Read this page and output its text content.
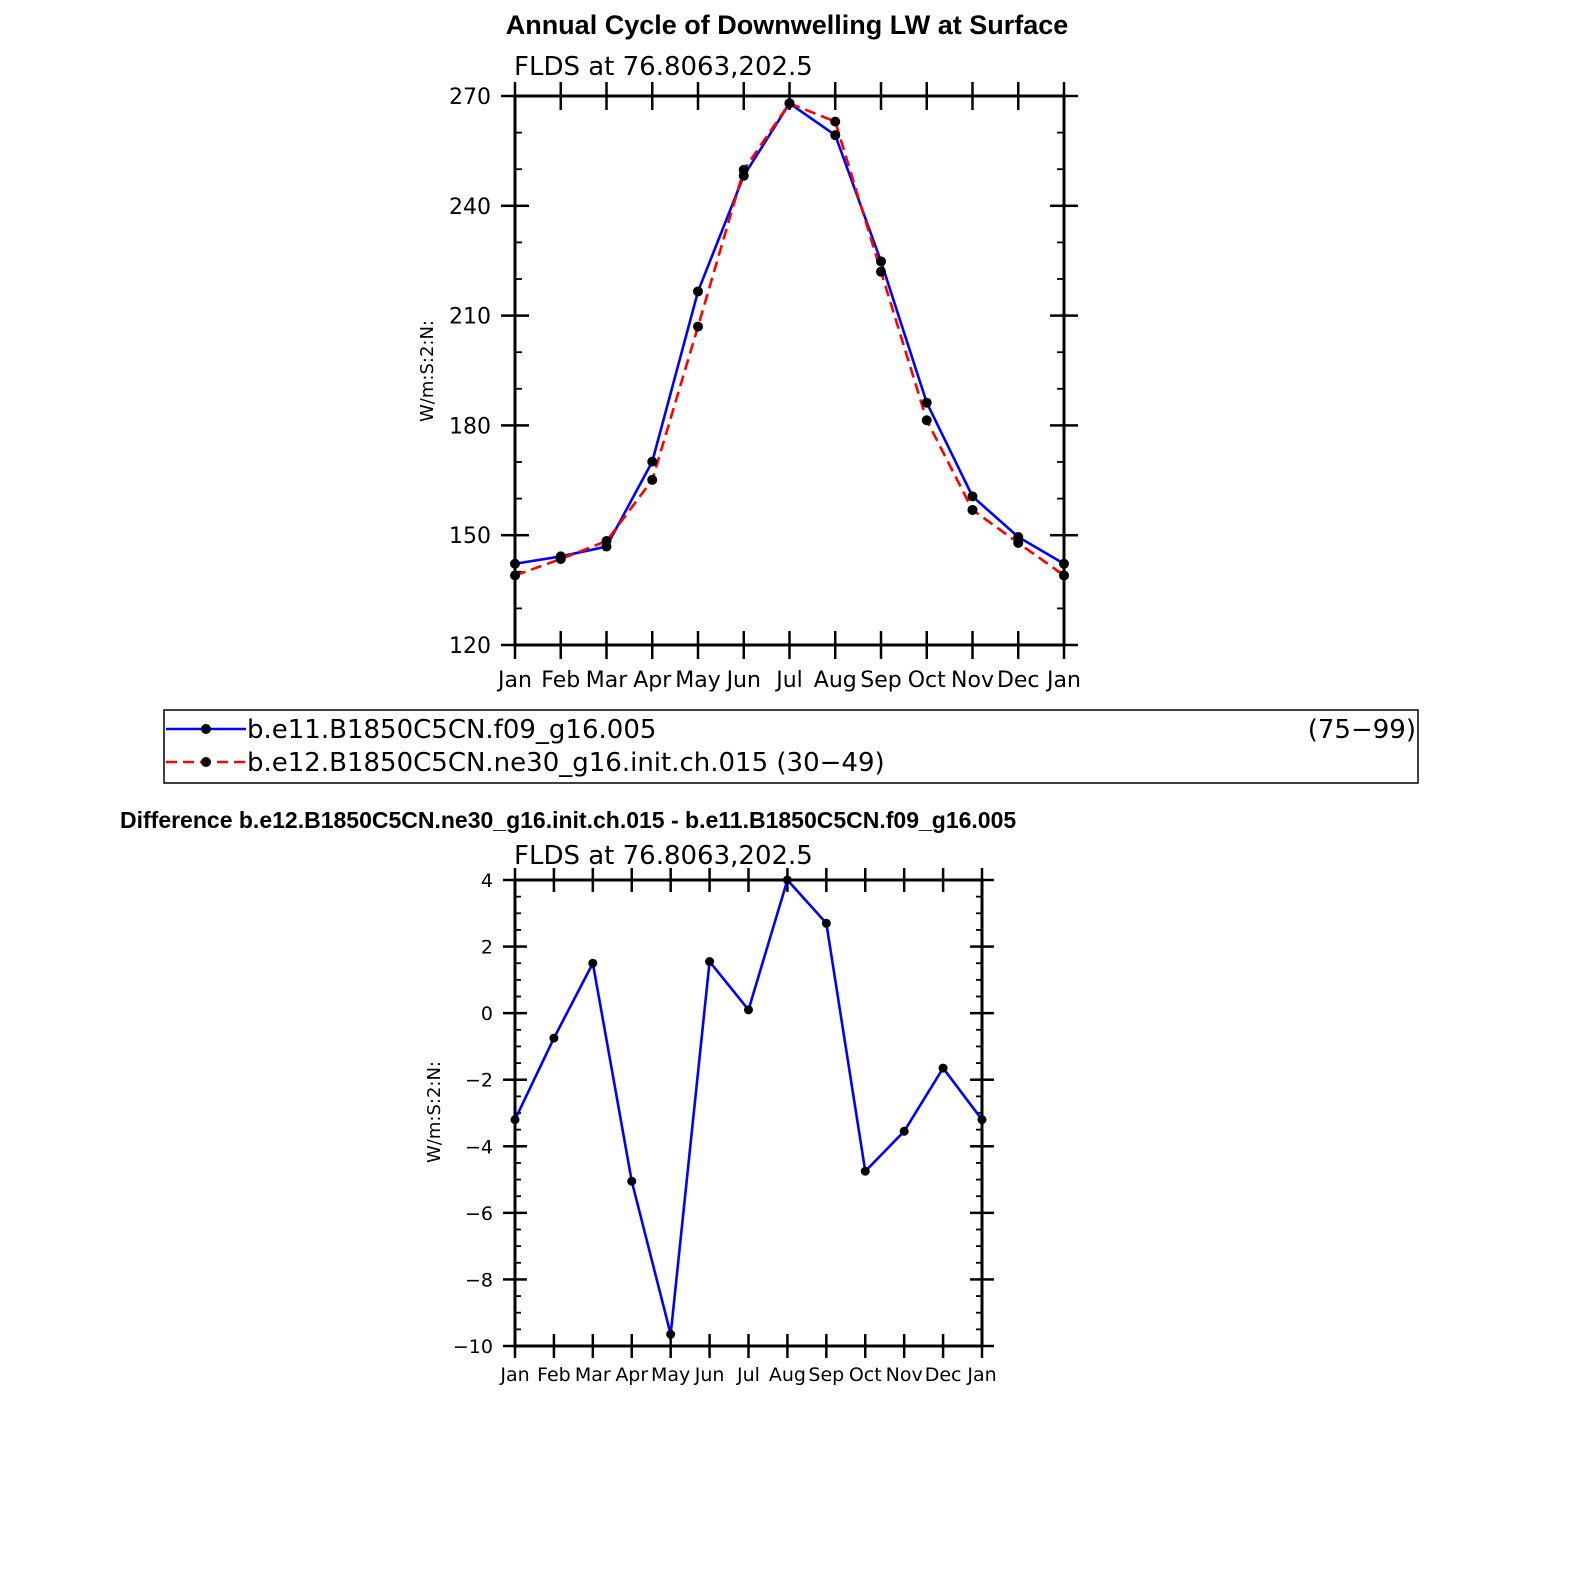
Annual Cycle of Downwelling LW at Surface
FLDS at 76.8063,202.5
W/m:S:2:N:
270
240
210
180
150
120
Jan Feb Mar Apr May Jun Jul Aug Sep Oct Nov Dec Jan
b.e11.B1850C5CN.f09_g16.005	(75−99)
b.e12.B1850C5CN.ne30_g16.init.ch.015 (30−49)
Difference b.e12.B1850C5CN.ne30_g16.init.ch.015 - b.e11.B1850C5CN.f09_g16.005
FLDS at 76.8063,202.5
W/m:S:2:N:
4
2
0
−2
−4
−6
−8
−10
Jan Feb Mar Apr May Jun Jul Aug Sep Oct Nov Dec Jan
